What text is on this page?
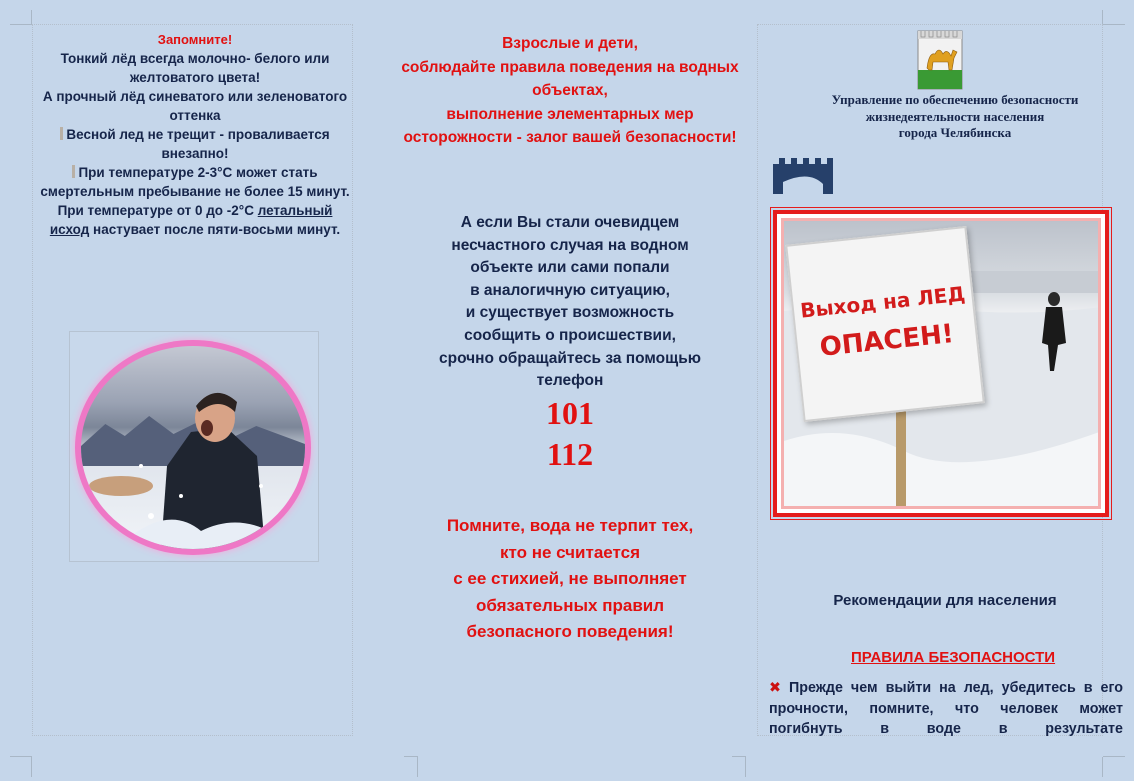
Запомните!

Тонкий лёд всегда молочно- белого или желтоватого цвета!

А прочный лёд синеватого или зеленоватого оттенка

Весной лед не трещит - проваливается внезапно!

При температуре 2-3°С может стать смертельным пребывание не более 15 минут.

При температуре от 0 до -2°С летальный исход настувает после пяти-восьми минут.

Взрослые и дети,
соблюдайте правила поведения на водных объектах,
выполнение элементарных мер осторожности - залог вашей безопасности!
А если Вы стали очевидцем
несчастного случая на водном
объекте или сами попали
в аналогичную ситуацию,
и существует возможность
сообщить о происшествии,
срочно обращайтесь за помощью
телефон
101
112
Помните, вода не терпит тех,
кто не считается
с ее стихией, не выполняет
обязательных правил
безопасного поведения!
Управление по обеспечению безопасности
жизнедеятельности населения
города Челябинска
Выход на ЛЕД
ОПАСЕН!
Рекомендации для населения
ПРАВИЛА БЕЗОПАСНОСТИ
✖ Прежде чем выйти на лед, убедитесь в его прочности, помните, что человек может погибнуть в воде в результате
